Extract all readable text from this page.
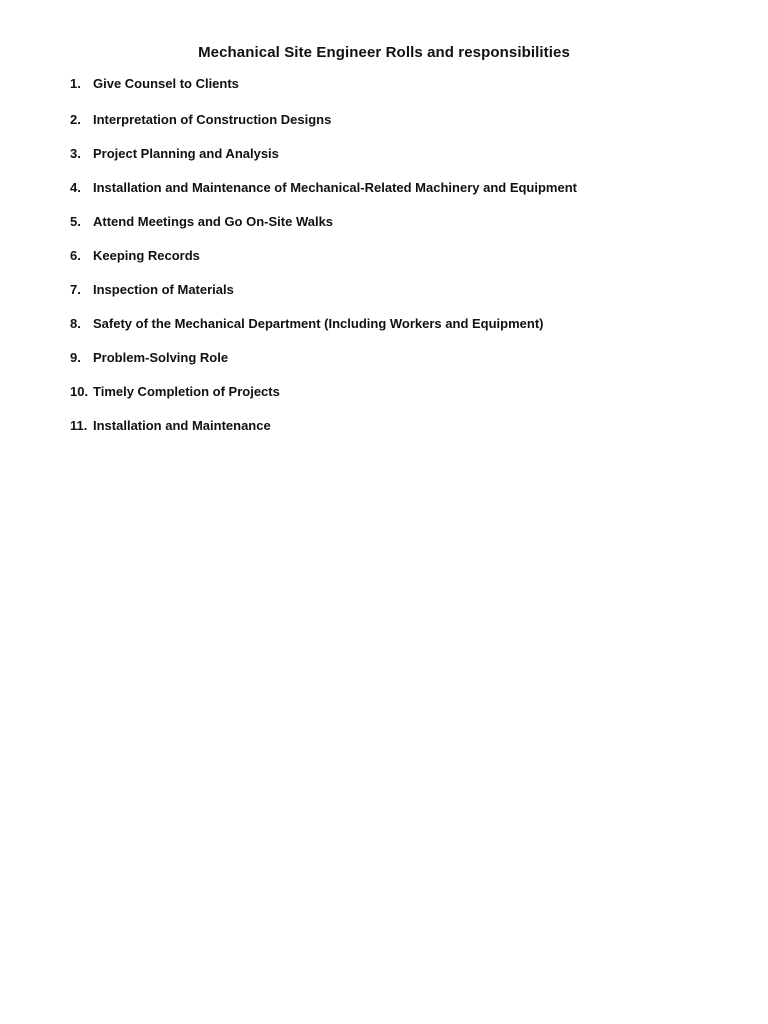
Mechanical Site Engineer Rolls and responsibilities
1. Give Counsel to Clients
2. Interpretation of Construction Designs
3. Project Planning and Analysis
4. Installation and Maintenance of Mechanical-Related Machinery and Equipment
5. Attend Meetings and Go On-Site Walks
6. Keeping Records
7. Inspection of Materials
8. Safety of the Mechanical Department (Including Workers and Equipment)
9. Problem-Solving Role
10. Timely Completion of Projects
11. Installation and Maintenance
